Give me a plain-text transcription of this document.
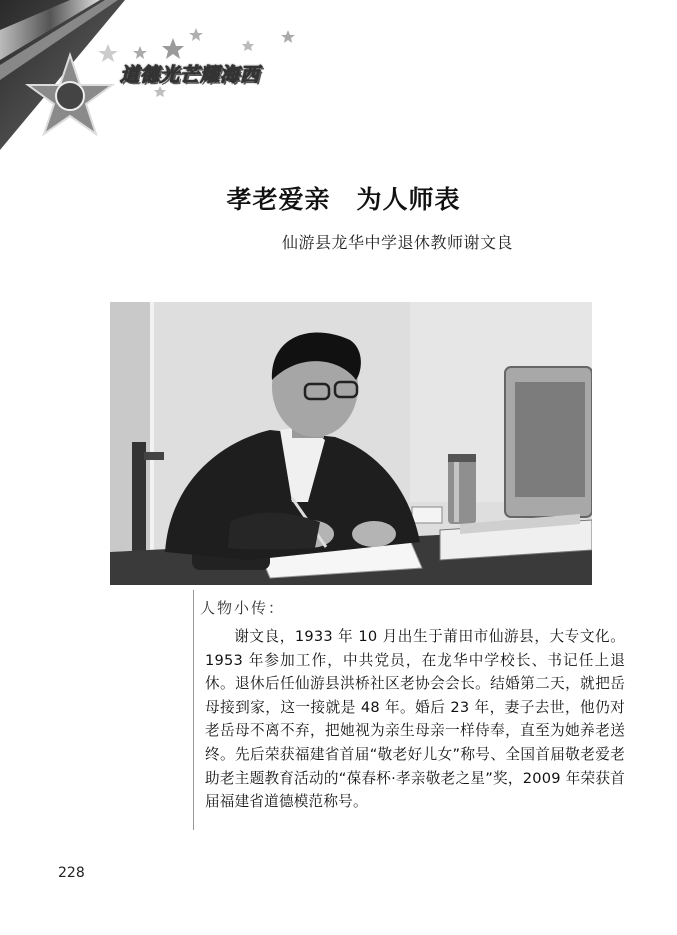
道德光芒耀海西
孝老爱亲　为人师表
仙游县龙华中学退休教师谢文良
人物小传：
谢文良，1933 年 10 月出生于莆田市仙游县，大专文化。1953 年参加工作，中共党员，在龙华中学校长、书记任上退休。退休后任仙游县洪桥社区老协会会长。结婚第二天，就把岳母接到家，这一接就是 48 年。婚后 23 年，妻子去世，他仍对老岳母不离不弃，把她视为亲生母亲一样侍奉，直至为她养老送终。先后荣获福建省首届“敬老好儿女”称号、全国首届敬老爱老助老主题教育活动的“葆春杯·孝亲敬老之星”奖，2009 年荣获首届福建省道德模范称号。
228
